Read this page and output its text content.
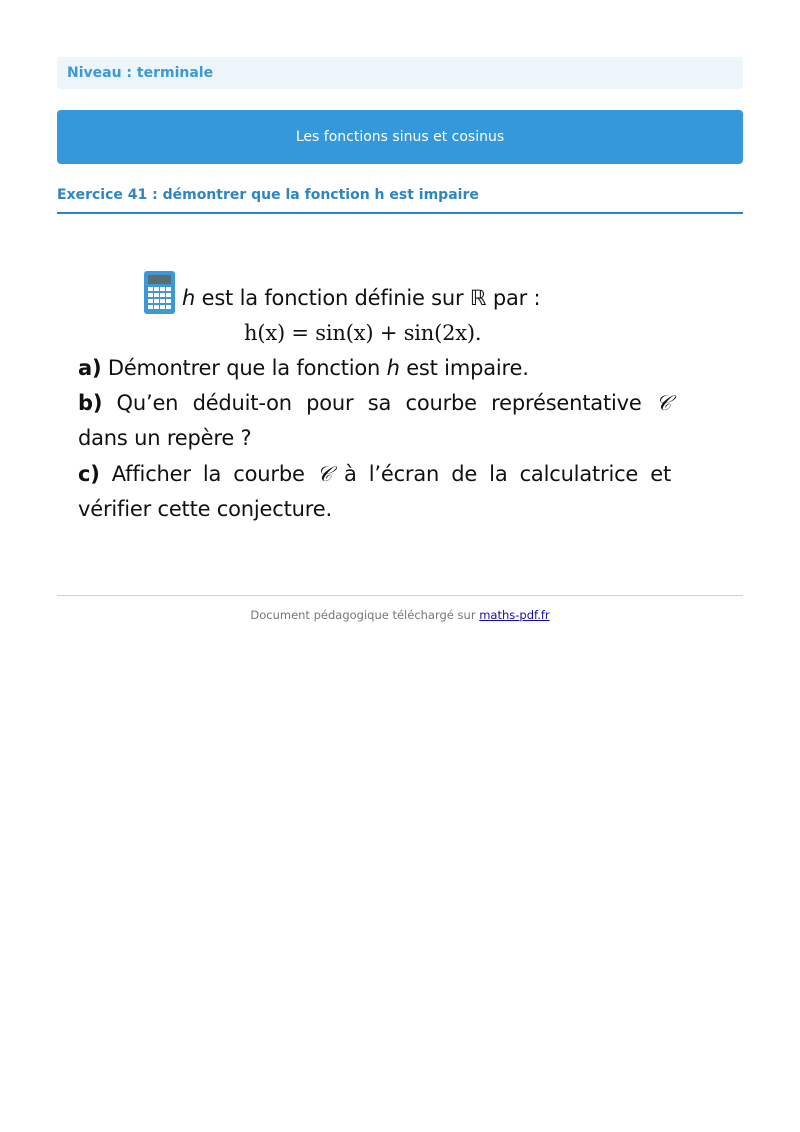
Niveau : terminale
Les fonctions sinus et cosinus
Exercice 41 : démontrer que la fonction h est impaire
h est la fonction définie sur ℝ par :
h(x) = sin(x) + sin(2x).
a) Démontrer que la fonction h est impaire.
b) Qu’en déduit-on pour sa courbe représentative 𝒞
dans un repère ?
c) Afficher la courbe 𝒞 à l’écran de la calculatrice et
vérifier cette conjecture.
Document pédagogique téléchargé sur maths-pdf.fr
